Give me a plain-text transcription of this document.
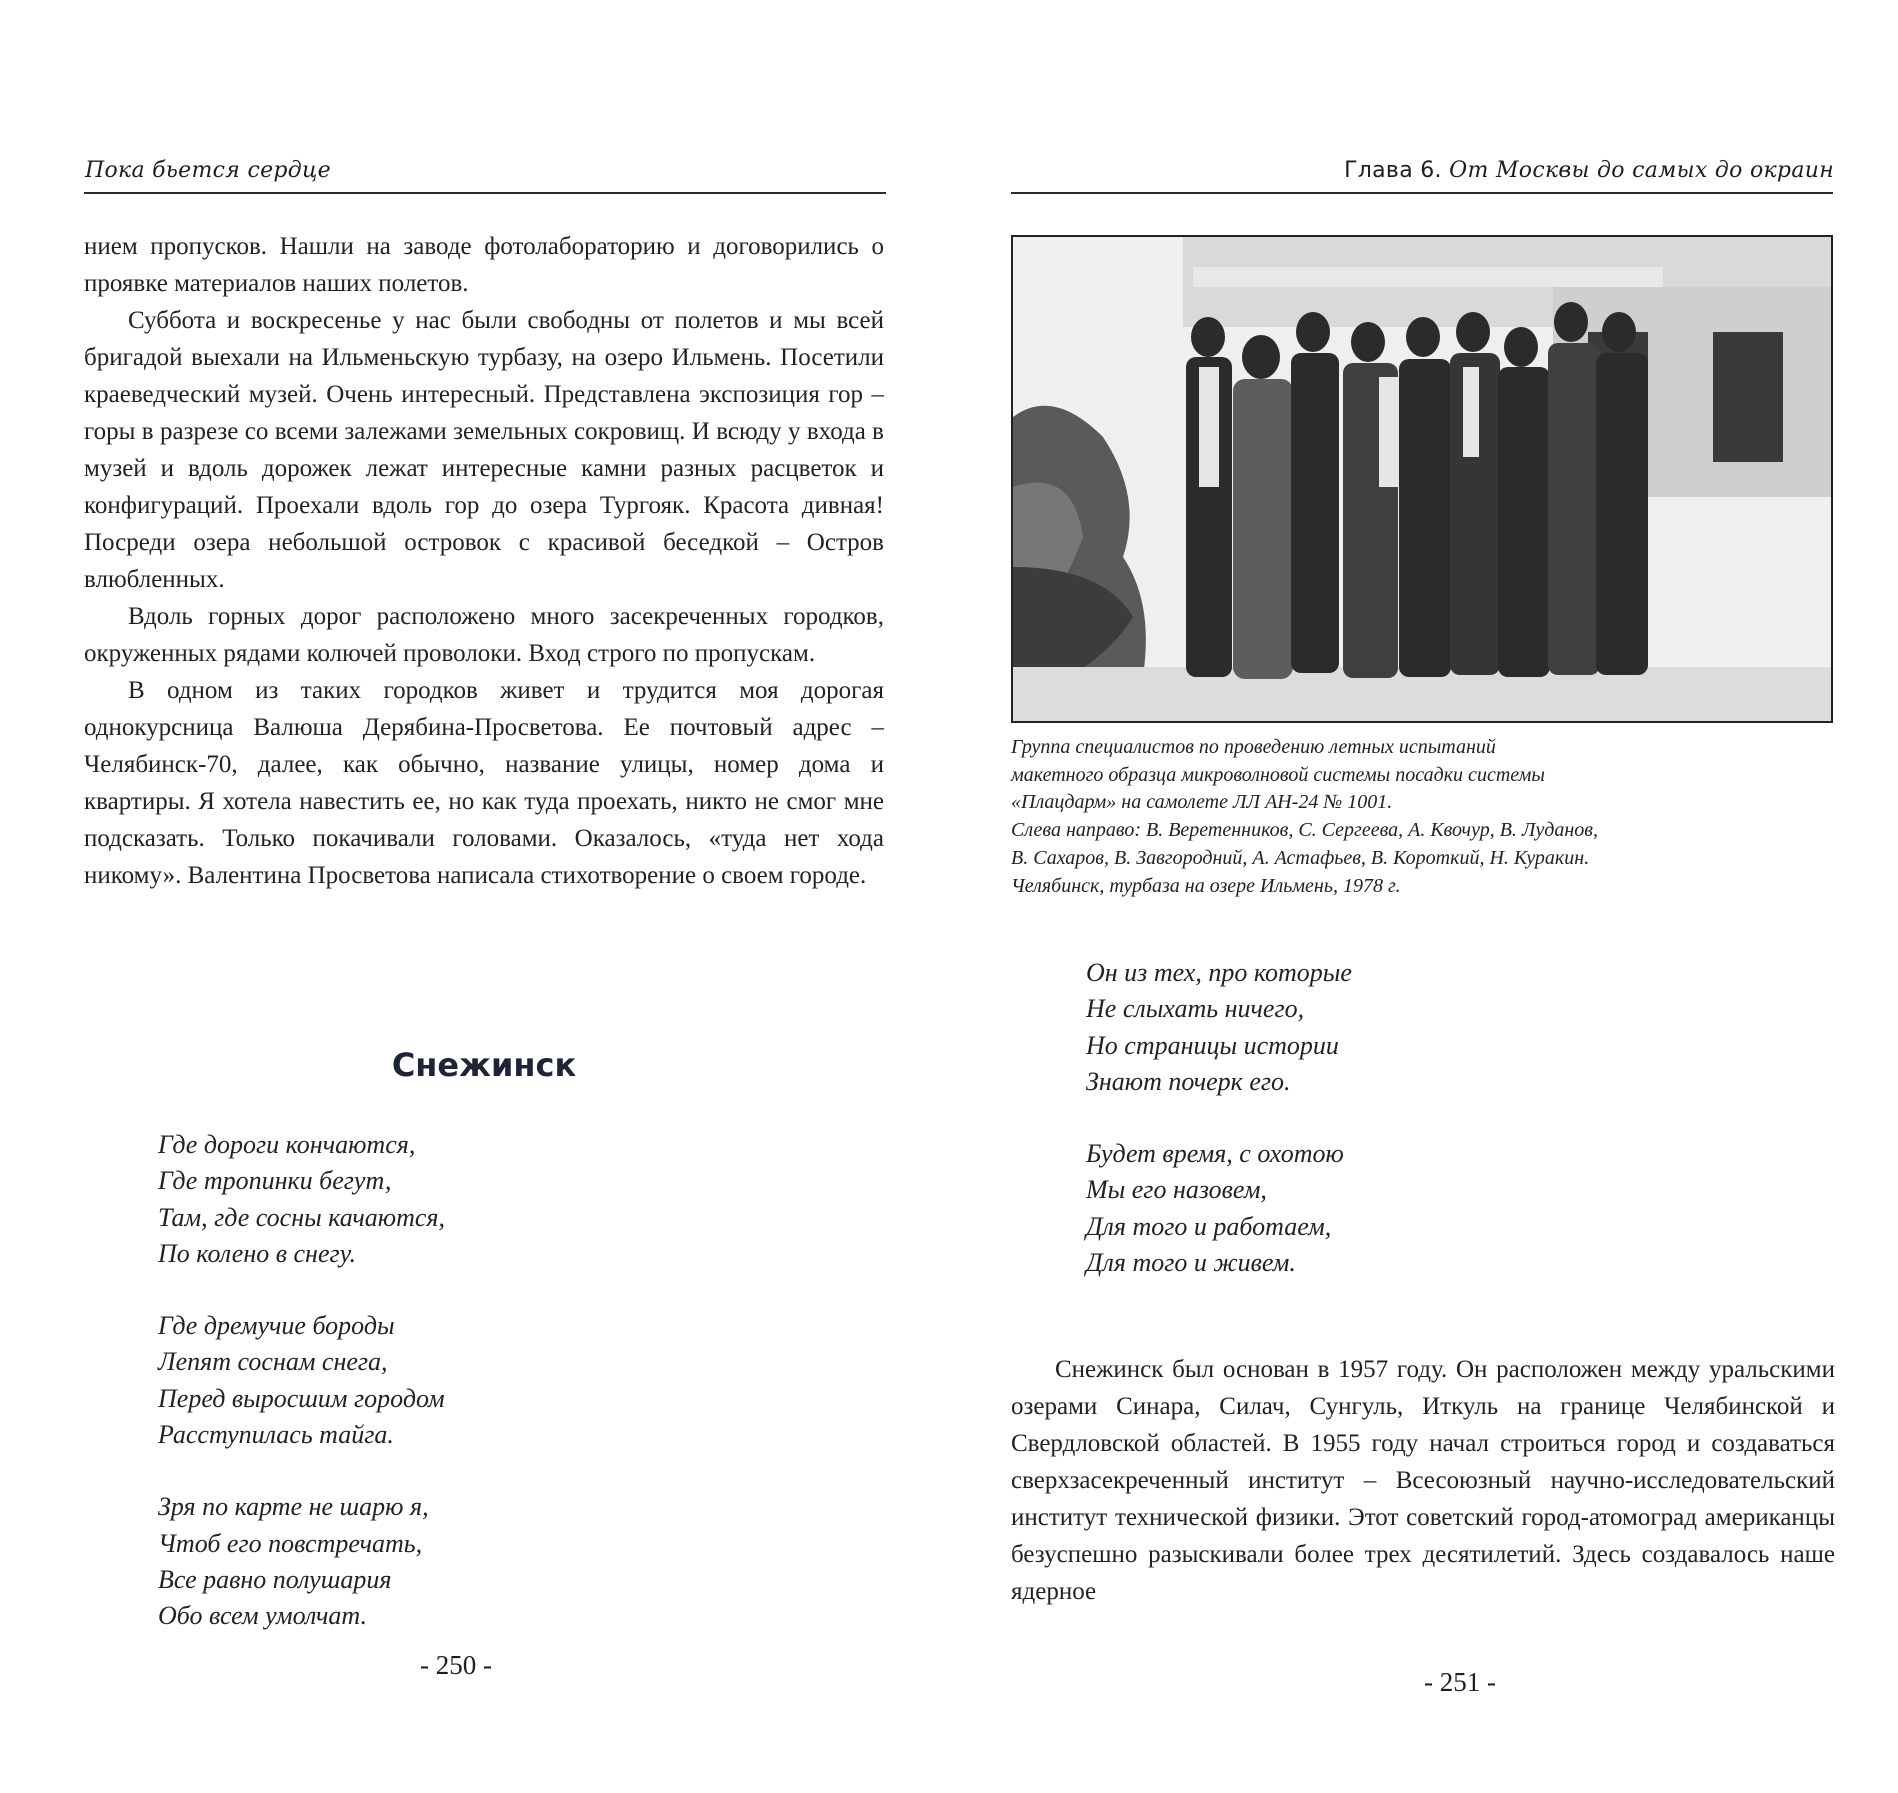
Пока бьется сердце

нием пропусков. Нашли на заводе фотолабораторию и договорились о проявке материалов наших полетов.

Суббота и воскресенье у нас были свободны от полетов и мы всей бригадой выехали на Ильменьскую турбазу, на озеро Ильмень. Посетили краеведческий музей. Очень интересный. Представлена экспозиция гор – горы в разрезе со всеми залежами земельных сокровищ. И всюду у входа в музей и вдоль дорожек лежат интересные камни разных расцветок и конфигураций. Проехали вдоль гор до озера Тургояк. Красота дивная! Посреди озера небольшой островок с красивой беседкой – Остров влюбленных.

Вдоль горных дорог расположено много засекреченных городков, окруженных рядами колючей проволоки. Вход строго по пропускам.

В одном из таких городков живет и трудится моя дорогая однокурсница Валюша Дерябина-Просветова. Ее почтовый адрес – Челябинск-70, далее, как обычно, название улицы, номер дома и квартиры. Я хотела навестить ее, но как туда проехать, никто не смог мне подсказать. Только покачивали головами. Оказалось, «туда нет хода никому». Валентина Просветова написала стихотворение о своем городе.

Снежинск
Где дороги кончаются,
Где тропинки бегут,
Там, где сосны качаются,
По колено в снегу.
Где дремучие бороды
Лепят соснам снега,
Перед выросшим городом
Расступилась тайга.
Зря по карте не шарю я,
Чтоб его повстречать,
Все равно полушария
Обо всем умолчат.
- 250 -
Глава 6. От Москвы до самых до окраин
Группа специалистов по проведению летных испытаний
макетного образца микроволновой системы посадки системы
«Плацдарм» на самолете ЛЛ АН-24 № 1001.
Слева направо: В. Веретенников, С. Сергеева, А. Квочур, В. Луданов,
В. Сахаров, В. Завгородний, А. Астафьев, В. Короткий, Н. Куракин.
Челябинск, турбаза на озере Ильмень, 1978 г.
Он из тех, про которые
Не слыхать ничего,
Но страницы истории
Знают почерк его.
Будет время, с охотою
Мы его назовем,
Для того и работаем,
Для того и живем.

Снежинск был основан в 1957 году. Он расположен между уральскими озерами Синара, Силач, Сунгуль, Иткуль на границе Челябинской и Свердловской областей. В 1955 году начал строиться город и создаваться сверхзасекреченный институт – Всесоюзный научно-исследовательский институт технической физики. Этот советский город-атомоград американцы безуспешно разыскивали более трех десятилетий. Здесь создавалось наше ядерное

- 251 -
